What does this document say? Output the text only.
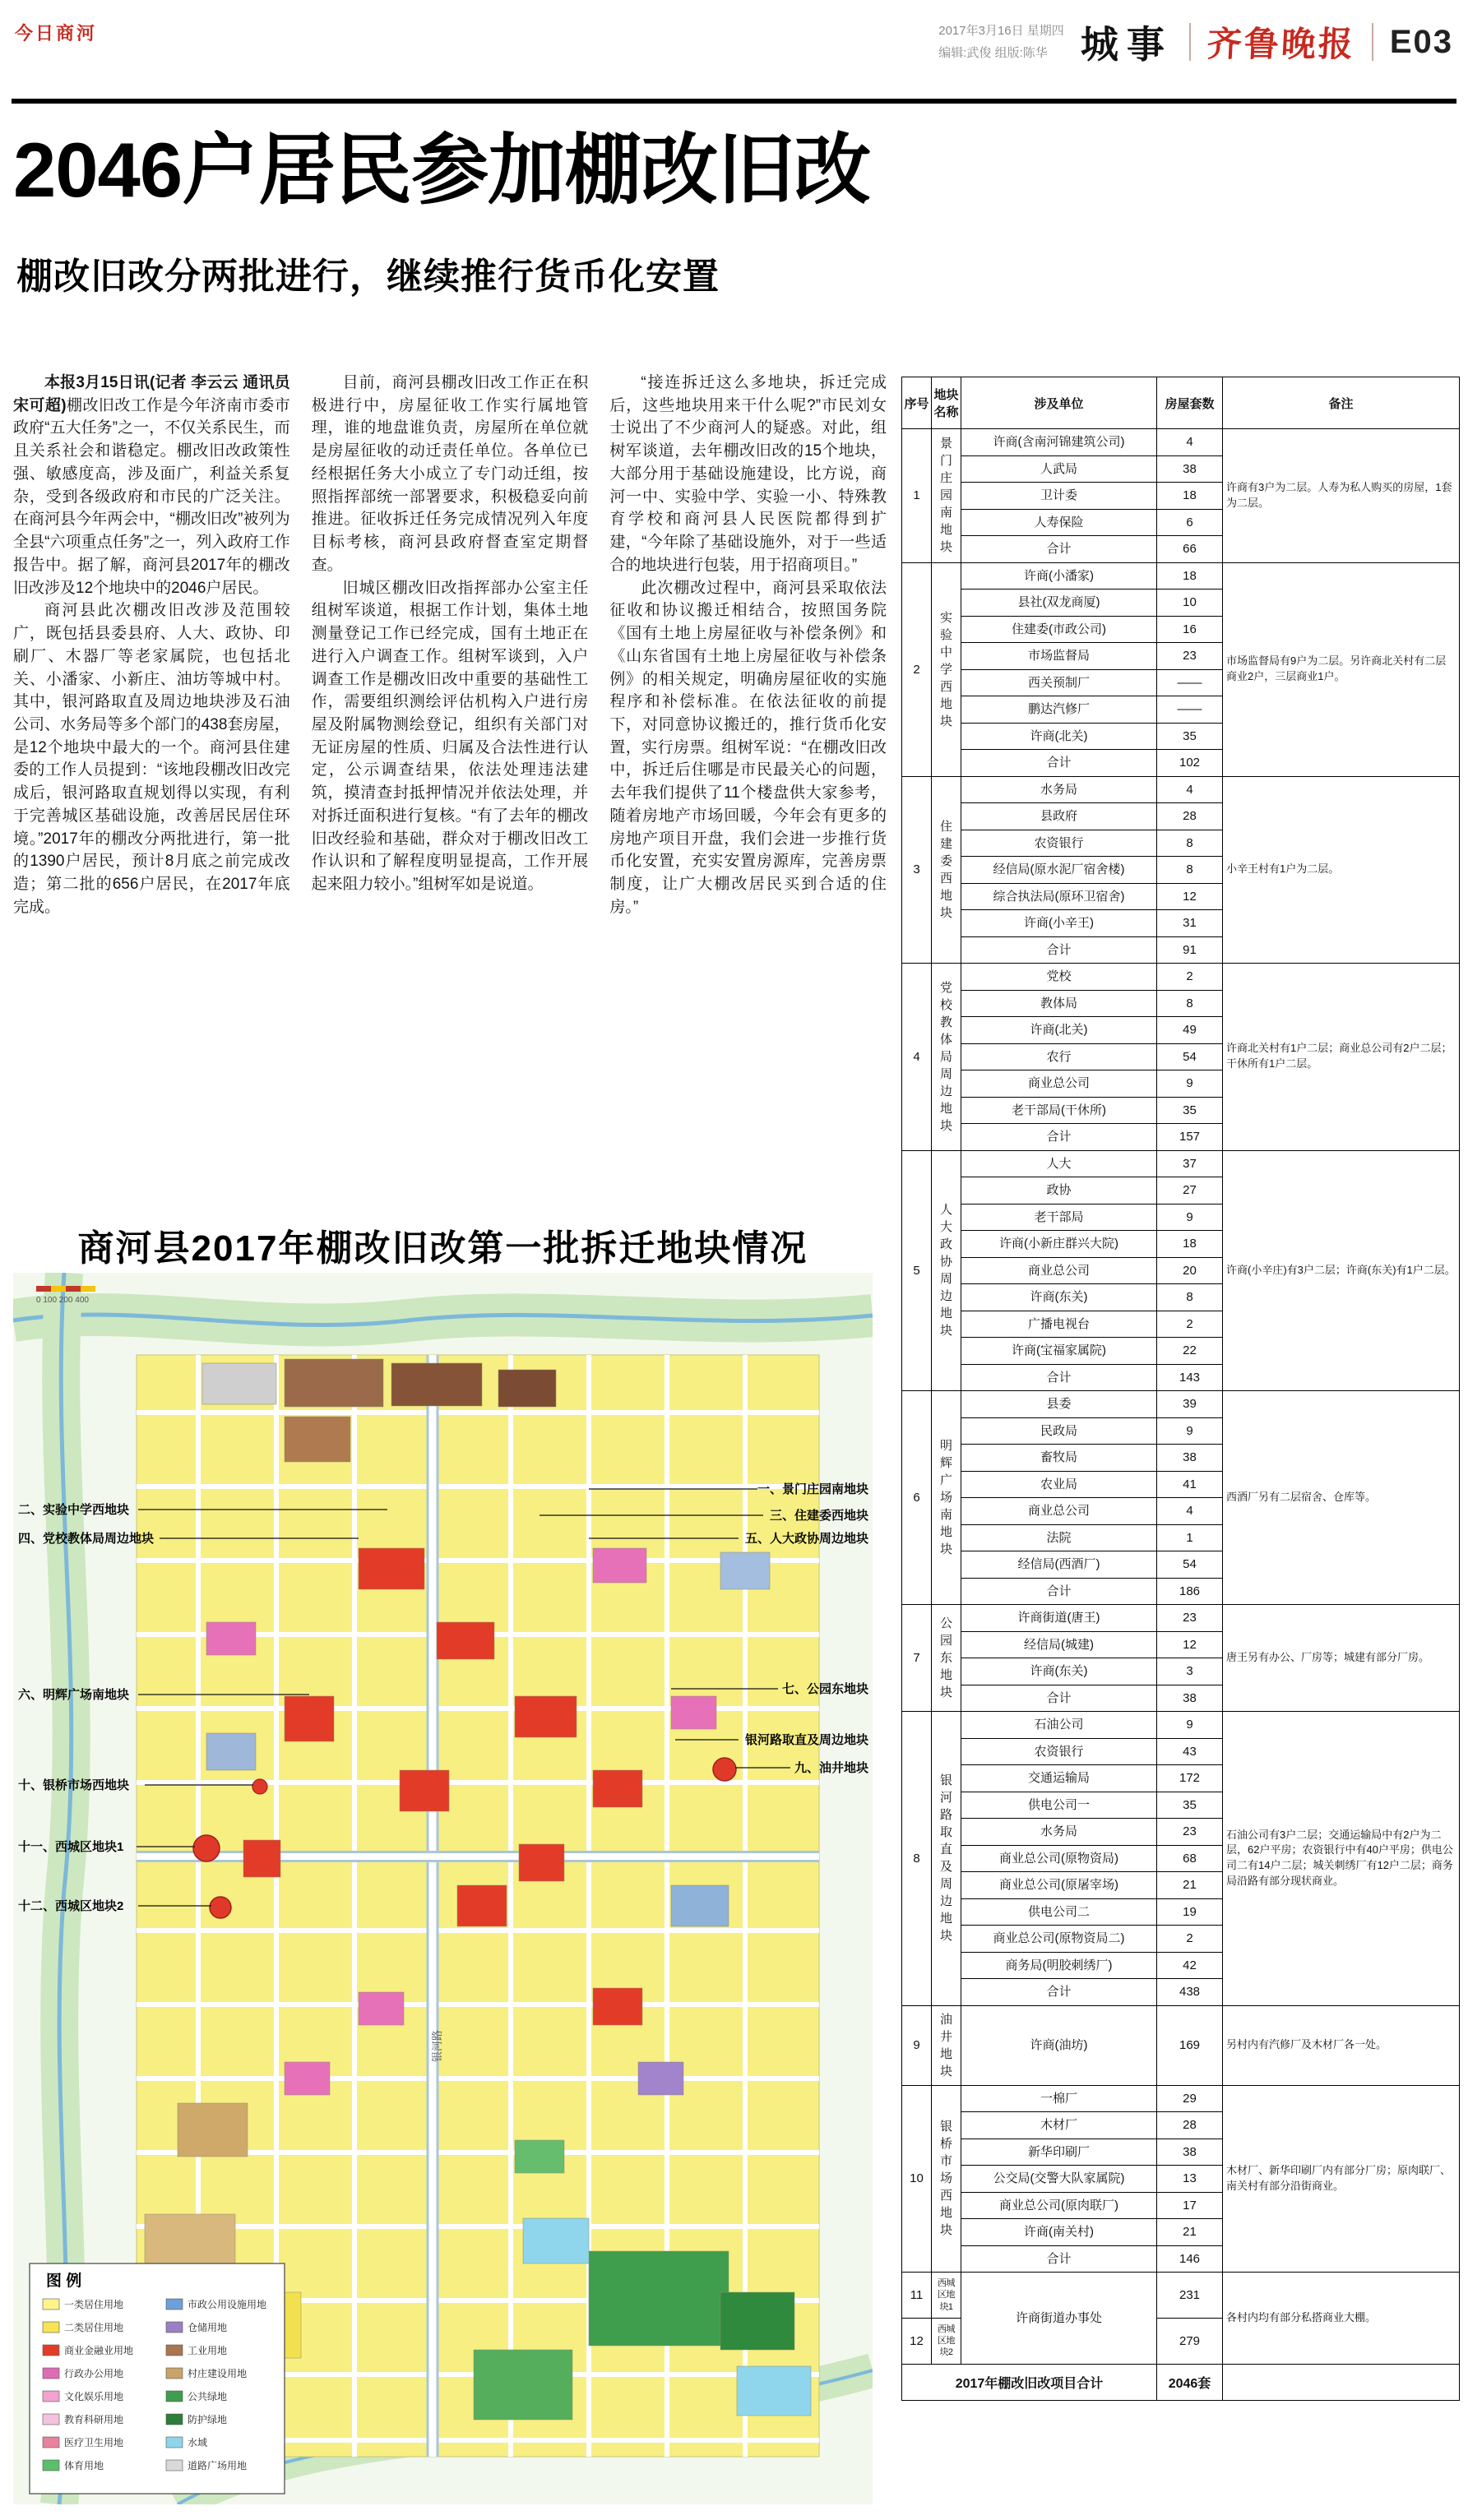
今日商河	2017年3月16日 星期四
编辑:武俊 组版:陈华 城事 齐鲁晚报 E03
2046户居民参加棚改旧改
棚改旧改分两批进行，继续推行货币化安置

本报3月15日讯(记者 李云云 通讯员 宋可超)棚改旧改工作是今年济南市委市政府“五大任务”之一，不仅关系民生，而且关系社会和谐稳定。棚改旧改政策性强、敏感度高，涉及面广，利益关系复杂，受到各级政府和市民的广泛关注。在商河县今年两会中，“棚改旧改”被列为全县“六项重点任务”之一，列入政府工作报告中。据了解，商河县2017年的棚改旧改涉及12个地块中的2046户居民。

商河县此次棚改旧改涉及范围较广，既包括县委县府、人大、政协、印刷厂、木器厂等老家属院，也包括北关、小潘家、小新庄、油坊等城中村。其中，银河路取直及周边地块涉及石油公司、水务局等多个部门的438套房屋，是12个地块中最大的一个。商河县住建委的工作人员提到：“该地段棚改旧改完成后，银河路取直规划得以实现，有利于完善城区基础设施，改善居民居住环境。”2017年的棚改分两批进行，第一批的1390户居民，预计8月底之前完成改造；第二批的656户居民，在2017年底完成。

目前，商河县棚改旧改工作正在积极进行中，房屋征收工作实行属地管理，谁的地盘谁负责，房屋所在单位就是房屋征收的动迁责任单位。各单位已经根据任务大小成立了专门动迁组，按照指挥部统一部署要求，积极稳妥向前推进。征收拆迁任务完成情况列入年度目标考核，商河县政府督查室定期督查。

旧城区棚改旧改指挥部办公室主任组树军谈道，根据工作计划，集体土地测量登记工作已经完成，国有土地正在进行入户调查工作。组树军谈到，入户调查工作是棚改旧改中重要的基础性工作，需要组织测绘评估机构入户进行房屋及附属物测绘登记，组织有关部门对无证房屋的性质、归属及合法性进行认定，公示调查结果，依法处理违法建筑，摸清查封抵押情况并依法处理，并对拆迁面积进行复核。“有了去年的棚改旧改经验和基础，群众对于棚改旧改工作认识和了解程度明显提高，工作开展起来阻力较小。”组树军如是说道。

“接连拆迁这么多地块，拆迁完成后，这些地块用来干什么呢?”市民刘女士说出了不少商河人的疑惑。对此，组树军谈道，去年棚改旧改的15个地块，大部分用于基础设施建设，比方说，商河一中、实验中学、实验一小、特殊教育学校和商河县人民医院都得到扩建，“今年除了基础设施外，对于一些适合的地块进行包装，用于招商项目。”

此次棚改过程中，商河县采取依法征收和协议搬迁相结合，按照国务院《国有土地上房屋征收与补偿条例》和《山东省国有土地上房屋征收与补偿条例》的相关规定，明确房屋征收的实施程序和补偿标准。在依法征收的前提下，对同意协议搬迁的，推行货币化安置，实行房票。组树军说：“在棚改旧改中，拆迁后住哪是市民最关心的问题，去年我们提供了11个楼盘供大家参考，随着房地产市场回暖，今年会有更多的房地产项目开盘，我们会进一步推行货币化安置，充实安置房源库，完善房票制度，让广大棚改居民买到合适的住房。”

商河县2017年棚改旧改第一批拆迁地块情况
0 100 200 400
银河路
二、实验中学西地块
四、党校教体局周边地块
六、明辉广场南地块
十、银桥市场西地块
十一、西城区地块1
十二、西城区地块2
一、景门庄园南地块
三、住建委西地块
五、人大政协周边地块
七、公园东地块
银河路取直及周边地块
九、油井地块
图 例
一类居住用地
二类居住用地
商业金融业用地
行政办公用地
文化娱乐用地
教育科研用地
医疗卫生用地
体育用地
市政公用设施用地
仓储用地
工业用地
村庄建设用地
公共绿地
防护绿地
水域
道路广场用地
序号	地块名称	涉及单位	房屋套数	备注
1	景门庄园南地块	许商(含南河锦建筑公司)	4	许商有3户为二层。人寿为私人购买的房屋，1套为二层。
		人武局	38	
		卫计委	18	
		人寿保险	6	
		合计	66	
2	实验中学西地块	许商(小潘家)	18	市场监督局有9户为二层。另许商北关村有二层商业2户，三层商业1户。
		县社(双龙商厦)	10	
		住建委(市政公司)	16	
		市场监督局	23	
		西关预制厂	——	
		鹏达汽修厂	——	
		许商(北关)	35	
		合计	102	
3	住建委西地块	水务局	4	小辛王村有1户为二层。
		县政府	28	
		农资银行	8	
		经信局(原水泥厂宿舍楼)	8	
		综合执法局(原环卫宿舍)	12	
		许商(小辛王)	31	
		合计	91	
4	党校教体局周边地块	党校	2	许商北关村有1户二层；商业总公司有2户二层；干休所有1户二层。
		教体局	8	
		许商(北关)	49	
		农行	54	
		商业总公司	9	
		老干部局(干休所)	35	
		合计	157	
5	人大政协周边地块	人大	37	许商(小辛庄)有3户二层；许商(东关)有1户二层。
		政协	27	
		老干部局	9	
		许商(小新庄群兴大院)	18	
		商业总公司	20	
		许商(东关)	8	
		广播电视台	2	
		许商(宝福家属院)	22	
		合计	143	
6	明辉广场南地块	县委	39	西酒厂另有二层宿舍、仓库等。
		民政局	9	
		畜牧局	38	
		农业局	41	
		商业总公司	4	
		法院	1	
		经信局(西酒厂)	54	
		合计	186	
7	公园东地块	许商街道(唐王)	23	唐王另有办公、厂房等；城建有部分厂房。
		经信局(城建)	12	
		许商(东关)	3	
		合计	38	
8	银河路取直及周边地块	石油公司	9	石油公司有3户二层；交通运输局中有2户为二层，62户平房；农资银行中有40户平房；供电公司二有14户二层；城关刺绣厂有12户二层；商务局沿路有部分现状商业。
		农资银行	43	
		交通运输局	172	
		供电公司一	35	
		水务局	23	
		商业总公司(原物资局)	68	
		商业总公司(原屠宰场)	21	
		供电公司二	19	
		商业总公司(原物资局二)	2	
		商务局(明胶刺绣厂)	42	
		合计	438	
9	油井地块	许商(油坊)	169	另村内有汽修厂及木材厂各一处。
10	银桥市场西地块	一棉厂	29	木材厂、新华印刷厂内有部分厂房；原肉联厂、南关村有部分沿街商业。
		木材厂	28	
		新华印刷厂	38	
		公交局(交警大队家属院)	13	
		商业总公司(原肉联厂)	17	
		许商(南关村)	21	
		合计	146	
11	西城区地块1	许商街道办事处	231	各村内均有部分私搭商业大棚。
12	西城区地块2		279	
2017年棚改旧改项目合计			2046套	
